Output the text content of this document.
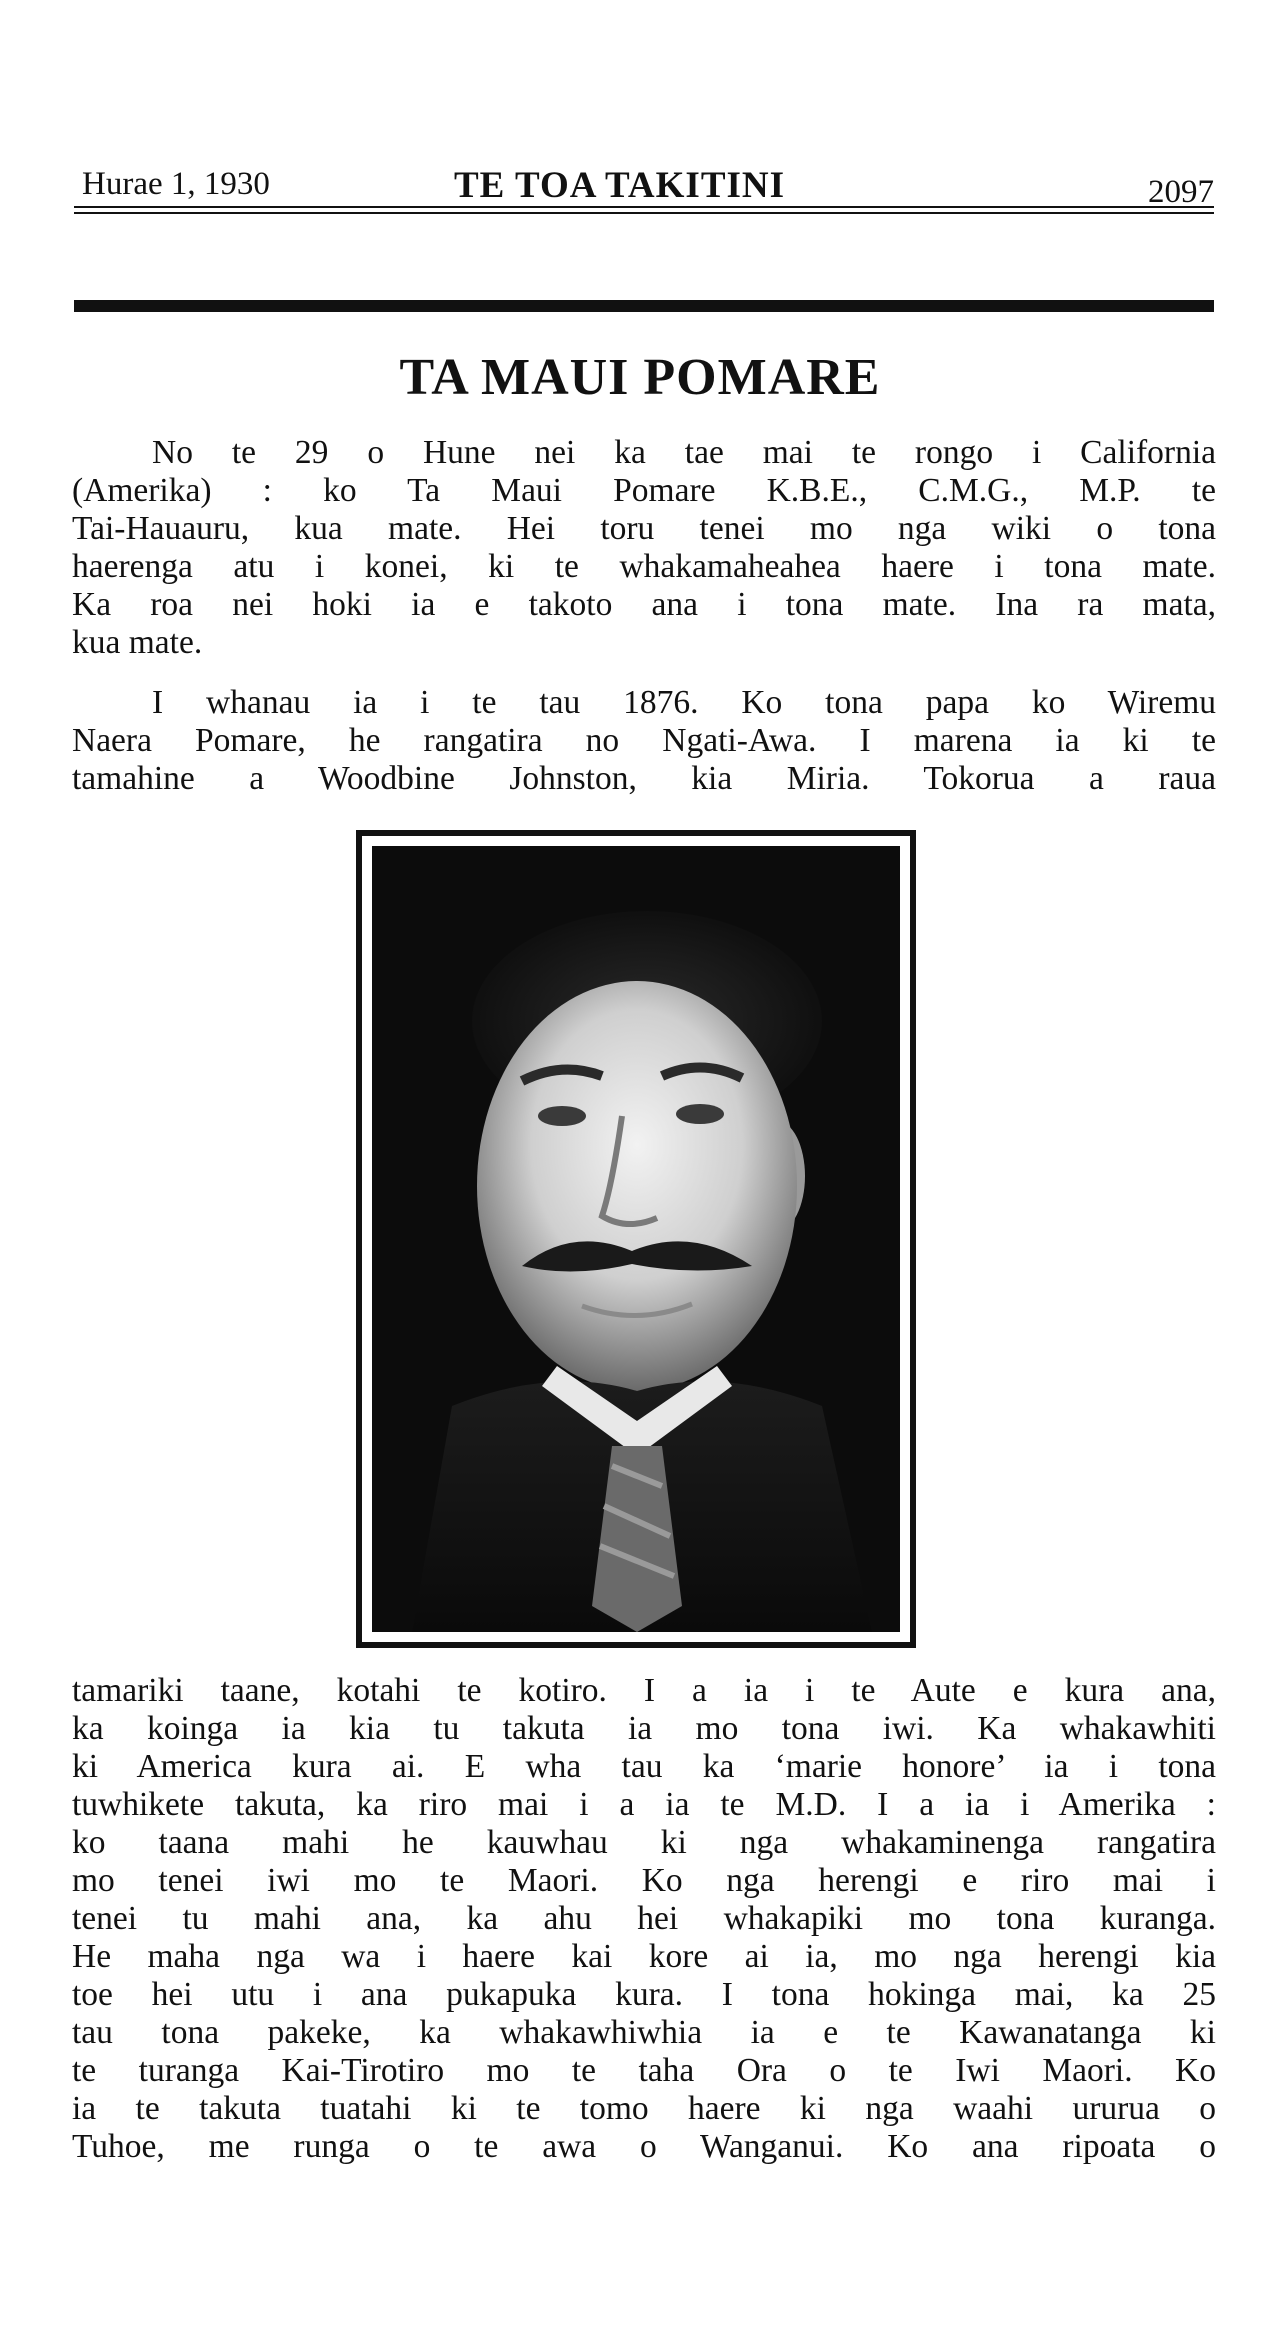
Hurae 1, 1930	TE TOA TAKITINI	2097
TA MAUI POMARE
No te 29 o Hune nei ka tae mai te rongo i California
(Amerika) : ko Ta Maui Pomare K.B.E., C.M.G., M.P. te
Tai-Hauauru, kua mate. Hei toru tenei mo nga wiki o tona
haerenga atu i konei, ki te whakamaheahea haere i tona mate.
Ka roa nei hoki ia e takoto ana i tona mate. Ina ra mata,
kua mate.
I whanau ia i te tau 1876. Ko tona papa ko Wiremu
Naera Pomare, he rangatira no Ngati-Awa. I marena ia ki te
tamahine a Woodbine Johnston, kia Miria. Tokorua a raua
tamariki taane, kotahi te kotiro. I a ia i te Aute e kura ana,
ka koinga ia kia tu takuta ia mo tona iwi. Ka whakawhiti
ki America kura ai. E wha tau ka ‘marie honore’ ia i tona
tuwhikete takuta, ka riro mai i a ia te M.D. I a ia i Amerika :
ko taana mahi he kauwhau ki nga whakaminenga rangatira
mo tenei iwi mo te Maori. Ko nga herengi e riro mai i
tenei tu mahi ana, ka ahu hei whakapiki mo tona kuranga.
He maha nga wa i haere kai kore ai ia, mo nga herengi kia
toe hei utu i ana pukapuka kura. I tona hokinga mai, ka 25
tau tona pakeke, ka whakawhiwhia ia e te Kawanatanga ki
te turanga Kai-Tirotiro mo te taha Ora o te Iwi Maori. Ko
ia te takuta tuatahi ki te tomo haere ki nga waahi ururua o
Tuhoe, me runga o te awa o Wanganui. Ko ana ripoata o
